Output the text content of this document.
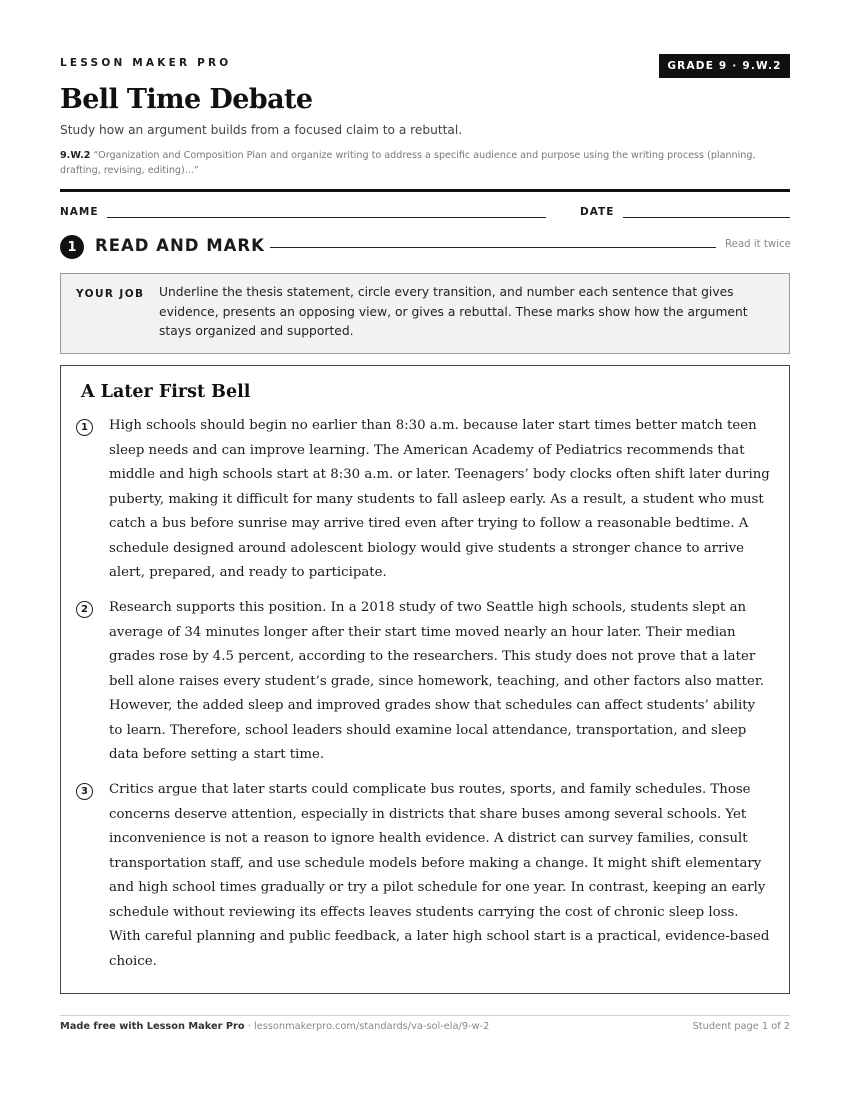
LESSON MAKER PRO	GRADE 9 · 9.W.2
Bell Time Debate
Study how an argument builds from a focused claim to a rebuttal.
9.W.2 “Organization and Composition Plan and organize writing to address a specific audience and purpose using the writing process (planning, drafting, revising, editing)...”
NAME	DATE
1	READ AND MARK	Read it twice
YOUR JOB Underline the thesis statement, circle every transition, and number each sentence that gives evidence, presents an opposing view, or gives a rebuttal. These marks show how the argument stays organized and supported.
A Later First Bell
1	High schools should begin no earlier than 8:30 a.m. because later start times better match teen sleep needs and can improve learning. The American Academy of Pediatrics recommends that middle and high schools start at 8:30 a.m. or later. Teenagers’ body clocks often shift later during puberty, making it difficult for many students to fall asleep early. As a result, a student who must catch a bus before sunrise may arrive tired even after trying to follow a reasonable bedtime. A schedule designed around adolescent biology would give students a stronger chance to arrive alert, prepared, and ready to participate.
2	Research supports this position. In a 2018 study of two Seattle high schools, students slept an average of 34 minutes longer after their start time moved nearly an hour later. Their median grades rose by 4.5 percent, according to the researchers. This study does not prove that a later bell alone raises every student’s grade, since homework, teaching, and other factors also matter. However, the added sleep and improved grades show that schedules can affect students’ ability to learn. Therefore, school leaders should examine local attendance, transportation, and sleep data before setting a start time.
3	Critics argue that later starts could complicate bus routes, sports, and family schedules. Those concerns deserve attention, especially in districts that share buses among several schools. Yet inconvenience is not a reason to ignore health evidence. A district can survey families, consult transportation staff, and use schedule models before making a change. It might shift elementary and high school times gradually or try a pilot schedule for one year. In contrast, keeping an early schedule without reviewing its effects leaves students carrying the cost of chronic sleep loss. With careful planning and public feedback, a later high school start is a practical, evidence-based choice.
Made free with Lesson Maker Pro · lessonmakerpro.com/standards/va-sol-ela/9-w-2	Student page 1 of 2
